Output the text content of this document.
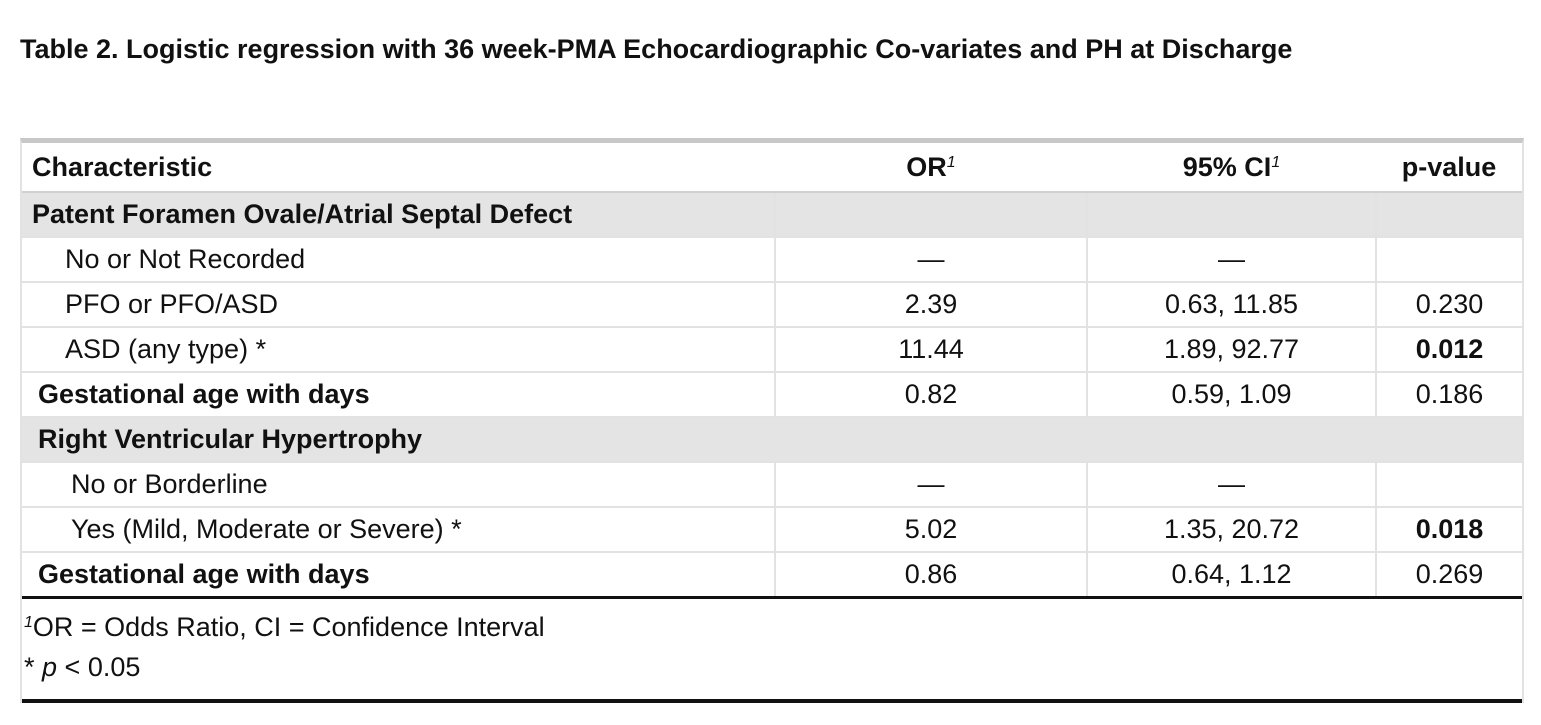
Table 2. Logistic regression with 36 week-PMA Echocardiographic Co-variates and PH at Discharge
Characteristic	OR$^1$	95% CI$^1$	p-value
Patent Foramen Ovale/Atrial Septal Defect			
No or Not Recorded	—	—	
PFO or PFO/ASD	2.39	0.63, 11.85	0.230
ASD (any type) *	11.44	1.89, 92.77	0.012
Gestational age with days	0.82	0.59, 1.09	0.186
Right Ventricular Hypertrophy			
No or Borderline	—	—	
Yes (Mild, Moderate or Severe) *	5.02	1.35, 20.72	0.018
Gestational age with days	0.86	0.64, 1.12	0.269
$^1$OR = Odds Ratio, CI = Confidence Interval
* p < 0.05
